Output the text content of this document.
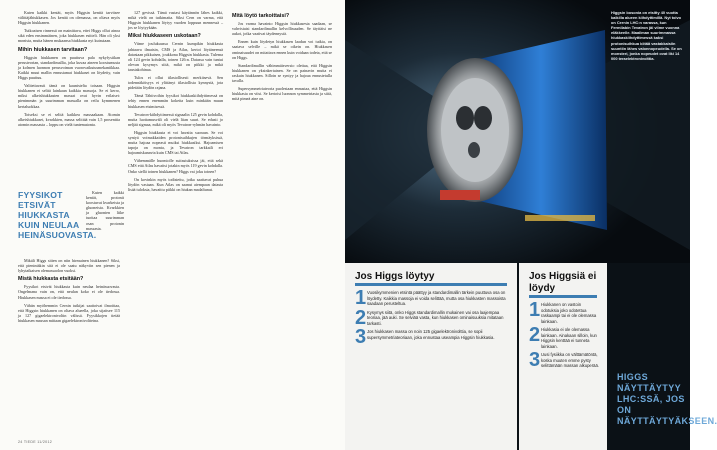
Kuten kaikki kentät, myös Higgsin kenttä tarvitsee välittäjähiukkasen. Jos kenttä on olemassa, on oltava myös Higgsin hiukkanen.

Tutkoaisen rinnessä on mainittava, ettei Higgs ollut ainoa sikä eden ensimmäinen, joka hiukkasen esitteli. Hän oli yksi monista, mutta hänen mukaansa hiukkasta nyt kutsutaan.

Mihin hiukkasen tarvitaan?

Higgsin hiukkanen on puuttuva pala nykyfysiikan perusteorian, standardimallia, joka kuvaa aineen koostumusta ja kolmen luonnon perusvoiman vuorovaikutusmekaniikkaa. Kaikki muut mallin ennustamat hiukkaset on löydetty, vain Higgs puuttuu.

Valitettavasti tämä on kaunistelta toisaan. Higgsin hiukkanen ei selitä lainkaan kaikkia massoja. Se ei kerro, miksi alkeishiukkasten massat ovat hyvin erilaiset: pienimmän ja suurimman massalla on reilu kymmenen kertaluokkaa.

Toiseksi se ei selitä kaikkea massaakaan. Atomin alkeishiukkaset, kvarkkien, massa selittää vain 1,5 prosenttia atomin massasta – loppu on vielä tuntematonta.

FYYSIKOT ETSIVÄT HIUKKASTA KUIN NEULAA HEINÄSUOVASTA.

Kuten kaikki kentät, protonit koostuvat kvarkeista ja gluoneista. Kvarkkien ja gluonien liike tuottaa suurimman osan protonin massasta.

Mikäli Higgs sitten on niin hirmuinen hiukkanen? Siksi, että pienintäkin sitä ei ole saatu näkyviin sen pienen ja lyhytaikaisen olemassaolon vuoksi.

Mistä hiukkasta etsitään?

Fyysikot etsivät hiukkasta kuin neulaa heinäsuovasta. Ongelmana vain on, että neulan koko ei ole tiedossa. Hiukkasen massa ei ole tiedossa.

Vähän myöhemmin Cernin tutkijat saattoivat ilmoittaa, että Higgsin hiukkanen on oltava alueella, joka sijaitsee 115 ja 127 gigaelektronivoltin välissä. Fyysikkojen tietää hiukkasen massan mittaan gigaelektronivoltteina.

127 gevissä. Tämä vastasi käytännön lähes kaikki, mikä vielä on tutkimatta. Siksi Cern on varma, että Higgsin hiukkanen löytyy vuoden loppuun mennessä – jos se löytyykään.

Miksi hiukkaseen uskotaan?

Viime joulukuussa Cernin kumpikin hiukkasta jahtaava ilmaisin, CMS ja Atlas, kertoi löytäneensä datastaan pikkuisen, joukkona Higgsin hiukkasta. Tulema oli 124 gevin kohdalla, toinen 126:n. Datassa vain tuntui olevan kysymys siitä, mikä on piikki ja mikä taustakohinaa.

Tulos ei ollut tilastollisesti merkitsevä. Sen todennäköisyys ei ylittänyt tilastollista kynnystä, jota pidetään löydön rajana.

Tämä Tähtivoihin fyysikot hiukkaskiihdyttimessä on tehty ennen enemmän kokeita kuin minkään muun hiukkasen etsimisessä.

Tevatron-kiihdyttimessä signaalin 125 gevin kohdalla, mutta luottamusväli oli vielä liian suuri. Se edusti jo neljää sigmaa, mikä oli myös Tevatron-ryhmän havainto.

Higgsin hiukkasta ei voi havaita suoraan. Se voi syntyä voimakkaiden protonisuihkujen törmäyksissä, mutta hajoaa nopeasti muiksi hiukkasiksi. Hajoamisen tapoja on monta, ja Tevatron tarkkaili eri hajoamiskanavia kuin CMS tai Atlas.

Vähemmälle huomiolle suitsutuksissa jäi, että sekä CMS että Atlas havaitsi jotakin myös 119 gevin kohdalla. Onko siellä toinen hiukkanen? Higgs vai joku toinen?

On kovinkin myös todistettu, jotka saattavat puhua löydön vastaan. Kun Atlas on saanut aiempaan datasta lisää tuloksia, havaittu piikki on hiukan madaltunut.

Mitä löytö tarkoittaisi?

Jos varma havainto Higgsin hiukkasesta saadaan, se vahvistaisi standardimallin kelvollisuuden. Se täyttäisi ne aukot, jotka vaativat täydennystä.

Ennen kuin löydetyn hiukkasen laadun voi tutkia, on saatava selville – mikä se oikein on. Hiukkasen ominaisuudet on mitattava ennen kuin voidaan todeta, että se on Higgs.

Standardimallin vähimmäisversio olettaa, että Higgsin hiukkanen on yksinkertainen. Se on painavin mutta ei raskain hiukkanen. Silloin se syntyy ja hajoaa ennustetulla tavalla.

Supersymmetriateoria puolestaan ennustaa, että Higgsin hiukkasia on viisi. Se kertoisi luonnon symmetriasta ja siitä, mitä pimeä aine on.

24 TIEDE 11/2012
Higgsin bosonia on etsitty 40 vuotta kaikilla alueen kiihdyttimillä. Nyt toivo on Cernin LHC:n varassa, kun Fermilabin Tevatron jäi viime vuonna eläkkeelle. Maailman suurimmassa hiukkaskiihdyttimessä kaksi protonisuihkua kiitää vastakkaisiin suuntiin lähes valonnopeudella. Se on monsteri, jonka nopeudet ovat liki 14 000 teraelektronivolttia.
Jos Higgs löytyy
1 Vuosikymmenien etsintä päättyy ja standardimallin tärkein puuttuva osa on löydetty. Kaikkia massoja ei voida selittää, mutta osa hiukkasten massoista saadaan perusteltua.
2 Kysymys siitä, onko Higgs standardimallin mukainen vai osa laajempaa teoriaa, jää auki. Se selviää vasta, kun hiukkasen ominaisuuksia mitataan tarkasti.
3 Jos hiukkasen massa on noin 125 gigaelektronivolttia, se sopii supersymmetriateoriaan, joka ennustaa useampia Higgsin hiukkasia.
Jos Higgsiä ei löydy
1 Hiukkanen on vastoin odotuksia joko odotettua raskaampi tai ei ole olemassa lainkaan.
2 Hiukkasia ei ole olemassa lainkaan. Ainakaan silloin, kun Higgsin kenttää ei tunneta lainkaan.
3 Uusi fysiikka on välttämätöntä, koska muuten emme pysty selittämään massan alkuperää.
HIGGS NÄYTTÄYTYY LHC:SSÄ, JOS ON NÄYTTÄYTYÄKSEEN.
